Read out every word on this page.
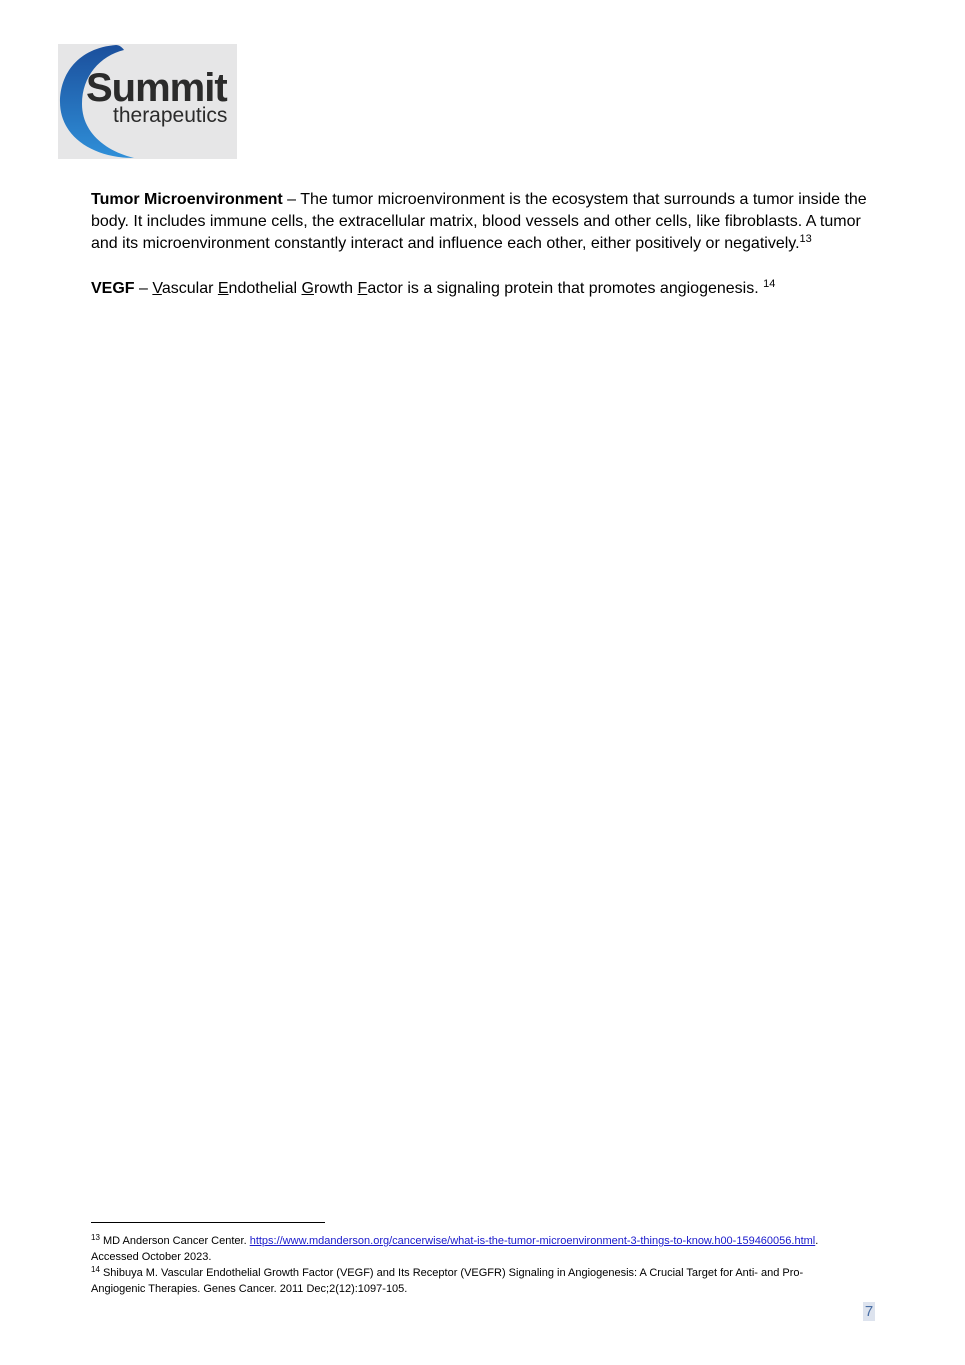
Summit
therapeutics
Tumor Microenvironment – The tumor microenvironment is the ecosystem that surrounds a tumor inside the body. It includes immune cells, the extracellular matrix, blood vessels and other cells, like fibroblasts. A tumor and its microenvironment constantly interact and influence each other, either positively or negatively.$^{13}$
VEGF – Vascular Endothelial Growth Factor is a signaling protein that promotes angiogenesis. $^{14}$

$^{13}$ MD Anderson Cancer Center. https://www.mdanderson.org/cancerwise/what-is-the-tumor-microenvironment-3-things-to-know.h00-159460056.html. Accessed October 2023.

$^{14}$ Shibuya M. Vascular Endothelial Growth Factor (VEGF) and Its Receptor (VEGFR) Signaling in Angiogenesis: A Crucial Target for Anti- and Pro-Angiogenic Therapies. Genes Cancer. 2011 Dec;2(12):1097-105.

7
